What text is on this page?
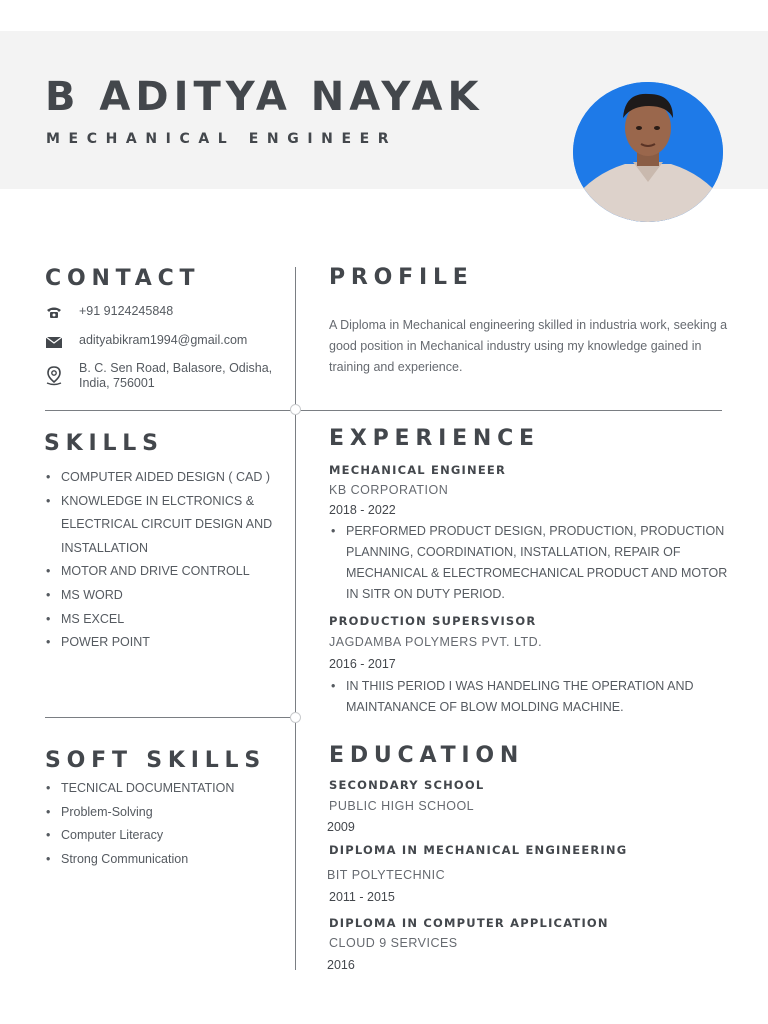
B ADITYA NAYAK
MECHANICAL ENGINEER
CONTACT
+91 9124245848
adityabikram1994@gmail.com
B. C. Sen Road, Balasore, Odisha,
India, 756001
PROFILE
A Diploma in Mechanical engineering skilled in industria work, seeking a good position in Mechanical industry using my knowledge gained in training and experience.
SKILLS
• COMPUTER AIDED DESIGN ( CAD )
• KNOWLEDGE IN ELCTRONICS & ELECTRICAL CIRCUIT DESIGN AND INSTALLATION
• MOTOR AND DRIVE CONTROLL
• MS WORD
• MS EXCEL
• POWER POINT
SOFT SKILLS
• TECNICAL DOCUMENTATION
• Problem-Solving
• Computer Literacy
• Strong Communication
EXPERIENCE
MECHANICAL ENGINEER
KB CORPORATION
2018 - 2022
• PERFORMED PRODUCT DESIGN, PRODUCTION, PRODUCTION PLANNING, COORDINATION, INSTALLATION, REPAIR OF MECHANICAL & ELECTROMECHANICAL PRODUCT AND MOTOR IN SITR ON DUTY PERIOD.
PRODUCTION SUPERSVISOR
JAGDAMBA POLYMERS PVT. LTD.
2016 - 2017
• IN THIIS PERIOD I WAS HANDELING THE OPERATION AND MAINTANANCE OF BLOW MOLDING MACHINE.
EDUCATION
SECONDARY SCHOOL
PUBLIC HIGH SCHOOL
2009
DIPLOMA IN MECHANICAL ENGINEERING
BIT POLYTECHNIC
2011 - 2015
DIPLOMA IN COMPUTER APPLICATION
CLOUD 9 SERVICES
2016
